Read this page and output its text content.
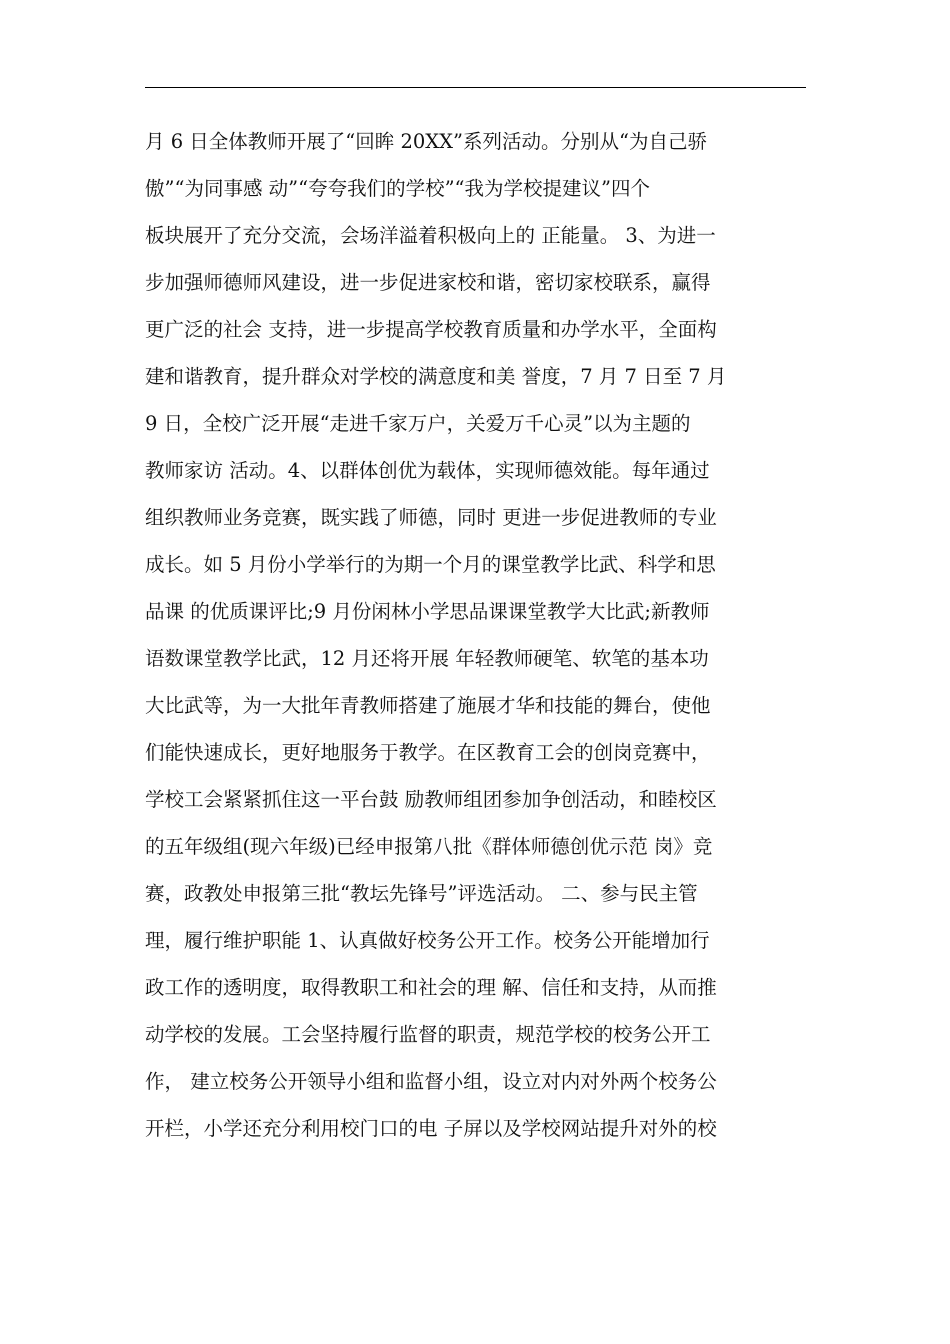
月 6 日全体教师开展了“回眸 20XX”系列活动。分别从“为自己骄
傲”“为同事感 动”“夸夸我们的学校”“我为学校提建议”四个
板块展开了充分交流，会场洋溢着积极向上的 正能量。 3、为进一
步加强师德师风建设，进一步促进家校和谐，密切家校联系，赢得
更广泛的社会 支持，进一步提高学校教育质量和办学水平，全面构
建和谐教育，提升群众对学校的满意度和美 誉度，7 月 7 日至 7 月
9 日，全校广泛开展“走进千家万户，关爱万千心灵”以为主题的
教师家访 活动。4、以群体创优为载体，实现师德效能。每年通过
组织教师业务竞赛，既实践了师德，同时 更进一步促进教师的专业
成长。如 5 月份小学举行的为期一个月的课堂教学比武、科学和思
品课 的优质课评比;9 月份闲林小学思品课课堂教学大比武;新教师
语数课堂教学比武，12 月还将开展 年轻教师硬笔、软笔的基本功
大比武等，为一大批年青教师搭建了施展才华和技能的舞台，使他
们能快速成长，更好地服务于教学。在区教育工会的创岗竞赛中，
学校工会紧紧抓住这一平台鼓 励教师组团参加争创活动，和睦校区
的五年级组(现六年级)已经申报第八批《群体师德创优示范 岗》竞
赛，政教处申报第三批“教坛先锋号”评选活动。 二、参与民主管
理，履行维护职能 1、认真做好校务公开工作。校务公开能增加行
政工作的透明度，取得教职工和社会的理 解、信任和支持，从而推
动学校的发展。工会坚持履行监督的职责，规范学校的校务公开工
作， 建立校务公开领导小组和监督小组，设立对内对外两个校务公
开栏，小学还充分利用校门口的电 子屏以及学校网站提升对外的校
